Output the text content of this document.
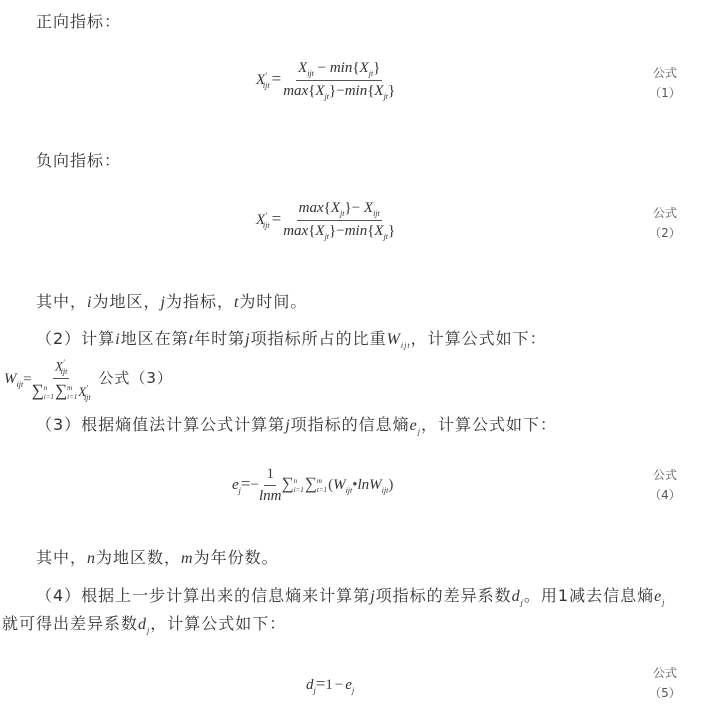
正向指标：
$X'_{ijt} = \frac{X_{ijt} - \min\{X_{jt}\}}{\max\{X_{jt}\}-\min\{X_{jt}\}}$	公式
（1）
负向指标：
$X'_{ijt} = \frac{\max\{X_{jt}\}- X_{ijt}}{\max\{X_{jt}\}-\min\{X_{jt}\}}$	公式
（2）
其中，i为地区，j为指标，t为时间。
（2）计算i地区在第t年时第j项指标所占的比重$W_{ijt}$，计算公式如下：
$W_{ijt}= X'_{ijt}$
∑ n
i=1 ∑ m
i=1 $X'_{ijt}$ 公式（3）
（3）根据熵值法计算公式计算第j项指标的信息熵$e_j$，计算公式如下：
$e_j=- \frac{1}{\ln m}$ ∑ n
i=1 ∑ m
t=1 $(W_{ijt}•\ln W_{ijt})$
公式
（4）
其中，n为地区数，m为年份数。
（4）根据上一步计算出来的信息熵来计算第j项指标的差异系数$d_j$。用1减去信息熵$e_j$
就可得出差异系数$d_j$，计算公式如下：
$d_j=1 - e_j$
公式
（5）
